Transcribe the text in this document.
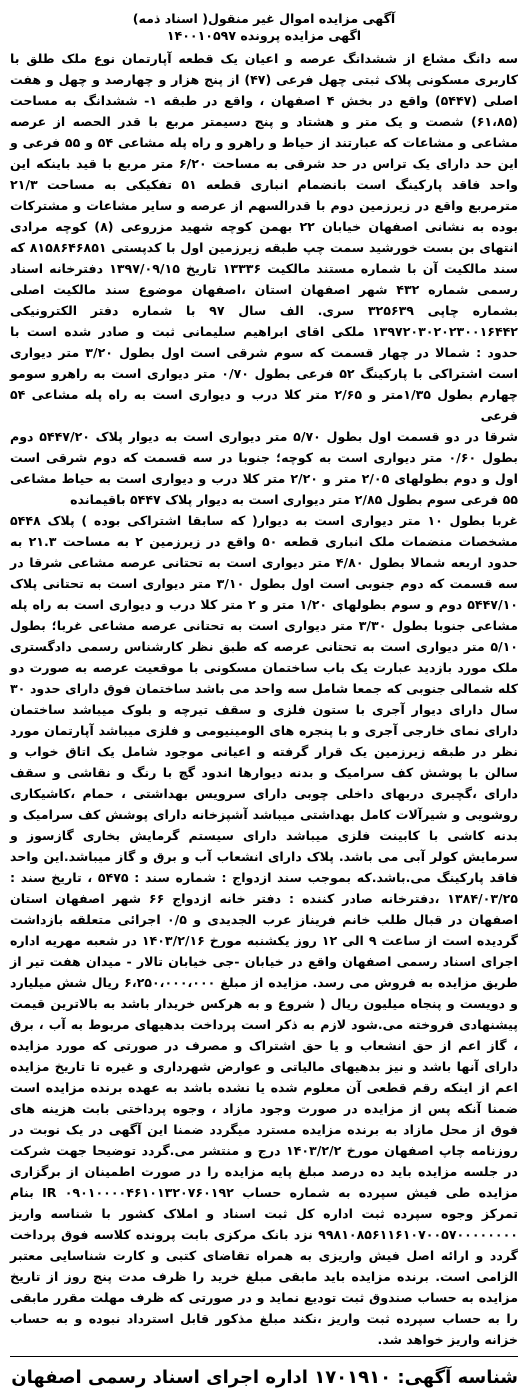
آگهی مزایده اموال غیر منقول( اسناد ذمه)
اگهی مزایده پرونده ۱۴۰۰۱۰۵۹۷

سه دانگ مشاع از ششدانگ عرصه و اعیان یک قطعه آپارتمان نوع ملک طلق با کاربری مسکونی پلاک ثبتی چهل فرعی (۴۷) از پنج هزار و چهارصد و چهل و هفت اصلی (۵۴۴۷) واقع در بخش ۴ اصفهان ، واقع در طبقه ۱- ششدانگ به مساحت (۶۱،۸۵) شصت و یک متر و هشتاد و پنج دسیمتر مربع با قدر الحصه از عرصه مشاعی و مشاعات که عبارتند از حیاط و راهرو و راه پله مشاعی ۵۴ و ۵۵ فرعی و این حد دارای یک تراس در حد شرقی به مساحت ۶/۲۰ متر مربع با قید باینکه این واحد فاقد پارکینگ است بانضمام انباری قطعه ۵۱ تفکیکی به مساحت ۲۱/۳ مترمربع واقع در زیرزمین دوم با قدرالسهم از عرصه و سایر مشاعات و مشترکات بوده به نشانی اصفهان خیابان ۲۲ بهمن کوچه شهید مزروعی (۸) کوچه مرادی انتهای بن بست خورشید سمت چپ طبقه زیرزمین اول با کدپستی ۸۱۵۸۶۴۶۸۵۱ که سند مالکیت آن با شماره مستند مالکیت ۱۳۳۳۶ تاریخ ۱۳۹۷/۰۹/۱۵ دفترخانه اسناد رسمی شماره ۴۳۲ شهر اصفهان استان ،اصفهان موضوع سند مالکیت اصلی بشماره چاپی ۳۲۵۶۳۹ سری. الف سال ۹۷ با شماره دفتر الکترونیکی ۱۳۹۷۲۰۳۰۲۰۲۳۰۰۱۶۴۴۲ ملکی اقای ابراهیم سلیمانی ثبت و صادر شده است با حدود : شمالا در چهار قسمت که سوم شرقی است اول بطول ۳/۲۰ متر دیواری است اشتراکی با پارکینگ ۵۲ فرعی بطول ۰/۷۰ متر دیواری است به راهرو سومو چهارم بطول ۱/۳۵متر و ۲/۶۵ متر کلا درب و دیواری است به راه پله مشاعی ۵۴ فرعی

شرقا در دو قسمت اول بطول ۵/۷۰ متر دیواری است به دیوار پلاک ۵۴۴۷/۲۰ دوم بطول ۰/۶۰ متر دیواری است به کوچه؛ جنوبا در سه قسمت که دوم شرقی است اول و دوم بطولهای ۲/۰۵ متر و ۲/۲۰ متر کلا درب و دیواری است به حیاط مشاعی ۵۵ فرعی سوم بطول ۲/۸۵ متر دیواری است به دیوار پلاک ۵۴۴۷ باقیمانده

غربا بطول ۱۰ متر دیواری است به دیوار( که سابقا اشتراکی بوده ) پلاک ۵۴۴۸ مشخصات منضمات ملک انباری قطعه ۵۰ واقع در زیرزمین ۲ به مساحت ۲۱.۳ به حدود اربعه شمالا بطول ۴/۸۰ متر دیواری است به تحتانی عرصه مشاعی شرقا در سه قسمت که دوم جنوبی است اول بطول ۳/۱۰ متر دیواری است به تحتانی پلاک ۵۴۴۷/۱۰ دوم و سوم بطولهای ۱/۲۰ متر و ۲ متر کلا درب و دیواری است به راه پله مشاعی جنوبا بطول ۳/۳۰ متر دیواری است به تحتانی عرصه مشاعی غربا؛ بطول ۵/۱۰ متر دیواری است به تحتانی عرصه که طبق نظر کارشناس رسمی دادگستری ملک مورد بازدید عبارت یک باب ساختمان مسکونی با موقعیت عرصه به صورت دو کله شمالی جنوبی که جمعا شامل سه واحد می باشد ساختمان فوق دارای حدود ۳۰ سال دارای دیوار آجری با ستون فلزی و سقف تیرچه و بلوک میباشد ساختمان دارای نمای خارجی آجری و با پنجره های الومینیومی و فلزی میباشد آپارتمان مورد نظر در طبقه زیرزمین یک قرار گرفته و اعیانی موجود شامل یک اتاق خواب و سالن با پوشش کف سرامیک و بدنه دیوارها اندود گچ با رنگ و نقاشی و سقف دارای ،گچبری دربهای داخلی چوبی دارای سرویس بهداشتی ، حمام ،کاشیکاری روشویی و شیرآلات کامل بهداشتی میباشد آشپزخانه دارای پوشش کف سرامیک و بدنه کاشی با کابینت فلزی میباشد دارای سیستم گرمایش بخاری گازسوز و سرمایش کولر آبی می باشد. پلاک دارای انشعاب آب و برق و گاز میباشد.این واحد فاقد پارکینگ می.باشد.که بموجب سند ازدواج : شماره سند : ۵۴۷۵ ، تاریخ سند : ۱۳۸۴/۰۳/۲۵ ،دفترخانه صادر کننده : دفتر خانه ازدواج ۶۶ شهر اصفهان استان اصفهان در قبال طلب خانم فریناز عرب الجدیدی و ۰/۵ اجرائی متعلقه بازداشت گردیده است از ساعت ۹ الی ۱۲ روز یکشنبه مورخ ۱۴۰۳/۲/۱۶ در شعبه مهریه اداره اجرای اسناد رسمی اصفهان واقع در خیابان -جی خیابان تالار - میدان هفت تیر از طریق مزایده به فروش می رسد. مزایده از مبلغ ۶،۲۵۰،۰۰۰،۰۰۰ ریال شش میلیارد و دویست و پنجاه میلیون ریال ( شروع و به هرکس خریدار باشد به بالاترین قیمت پیشنهادی فروخته می.شود لازم به ذکر است پرداخت بدهیهای مربوط به آب ، برق ، گاز اعم از حق انشعاب و یا حق اشتراک و مصرف در صورتی که مورد مزایده دارای آنها باشد و نیز بدهیهای مالیاتی و عوارض شهرداری و غیره تا تاریخ مزایده اعم از اینکه رقم قطعی آن معلوم شده یا نشده باشد به عهده برنده مزایده است ضمنا آنکه پس از مزایده در صورت وجود مازاد ، وجوه پرداختی بابت هزینه های فوق از محل مازاد به برنده مزایده مسترد میگردد ضمنا این آگهی در یک نوبت در روزنامه چاپ اصفهان مورخ ۱۴۰۳/۲/۲ درج و منتشر می.گردد توضیحا جهت شرکت در جلسه مزایده باید ده درصد مبلغ پایه مزایده را در صورت اطمینان از برگزاری مزایده طی فیش سپرده به شماره حساب IR ۰۹۰۱۰۰۰۰۴۶۱۰۱۳۲۰۷۶۰۱۹۲ بنام تمرکز وجوه سپرده ثبت اداره کل ثبت اسناد و املاک کشور با شناسه واریز ۹۹۸۱۰۸۵۶۱۱۶۱۰۷۰۰۵۷۰۰۰۰۰۰۰۰ نزد بانک مرکزی بابت پرونده کلاسه فوق پرداخت گردد و ارائه اصل فیش واریزی به همراه تقاضای کتبی و کارت شناسایی معتبر الزامی است. برنده مزایده باید مابقی مبلغ خرید را ظرف مدت پنج روز از تاریخ مزایده به حساب صندوق ثبت تودیع نماید و در صورتی که ظرف مهلت مقرر مابقی را به حساب سپرده ثبت واریز ،نکند مبلغ مذکور قابل استرداد نبوده و به حساب خزانه واریز خواهد شد.

شناسه آگهی: ۱۷۰۱۹۱۰ اداره اجرای اسناد رسمی اصفهان
